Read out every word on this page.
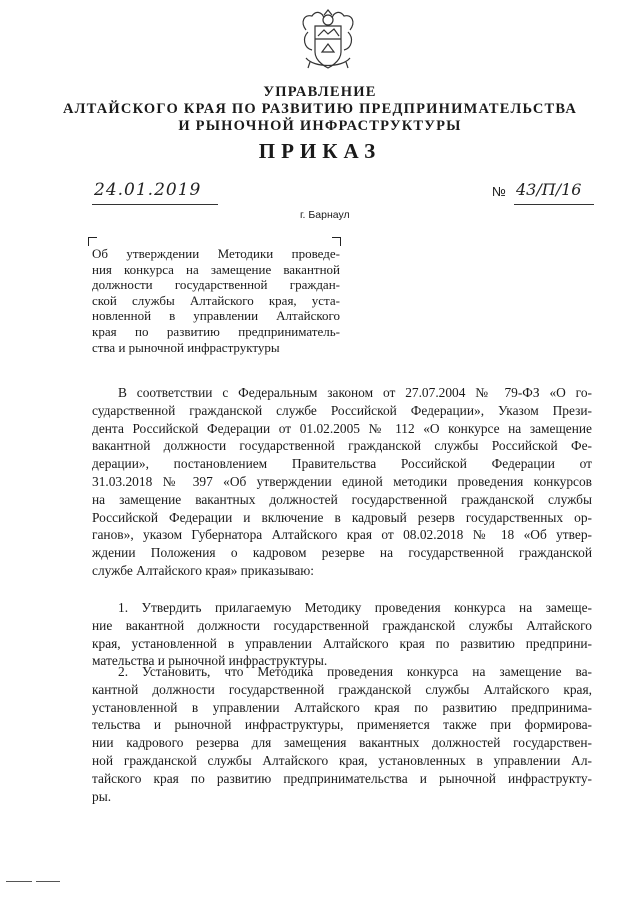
УПРАВЛЕНИЕ
АЛТАЙСКОГО КРАЯ ПО РАЗВИТИЮ ПРЕДПРИНИМАТЕЛЬСТВА
И РЫНОЧНОЙ ИНФРАСТРУКТУРЫ
ПРИКАЗ
24.01.2019	№ 43/П/16
г. Барнаул
Об утверждении Методики проведе-
ния конкурса на замещение вакантной
должности государственной граждан-
ской службы Алтайского края, уста-
новленной в управлении Алтайского
края по развитию предприниматель-
ства и рыночной инфраструктуры
В соответствии с Федеральным законом от 27.07.2004 № 79-ФЗ «О го-
сударственной гражданской службе Российской Федерации», Указом Прези-
дента Российской Федерации от 01.02.2005 № 112 «О конкурсе на замещение
вакантной должности государственной гражданской службы Российской Фе-
дерации», постановлением Правительства Российской Федерации от
31.03.2018 № 397 «Об утверждении единой методики проведения конкурсов
на замещение вакантных должностей государственной гражданской службы
Российской Федерации и включение в кадровый резерв государственных ор-
ганов», указом Губернатора Алтайского края от 08.02.2018 № 18 «Об утвер-
ждении Положения о кадровом резерве на государственной гражданской
службе Алтайского края» приказываю:
1. Утвердить прилагаемую Методику проведения конкурса на замеще-
ние вакантной должности государственной гражданской службы Алтайского
края, установленной в управлении Алтайского края по развитию предприни-
мательства и рыночной инфраструктуры.
2. Установить, что Методика проведения конкурса на замещение ва-
кантной должности государственной гражданской службы Алтайского края,
установленной в управлении Алтайского края по развитию предпринима-
тельства и рыночной инфраструктуры, применяется также при формирова-
нии кадрового резерва для замещения вакантных должностей государствен-
ной гражданской службы Алтайского края, установленных в управлении Ал-
тайского края по развитию предпринимательства и рыночной инфраструкту-
ры.
